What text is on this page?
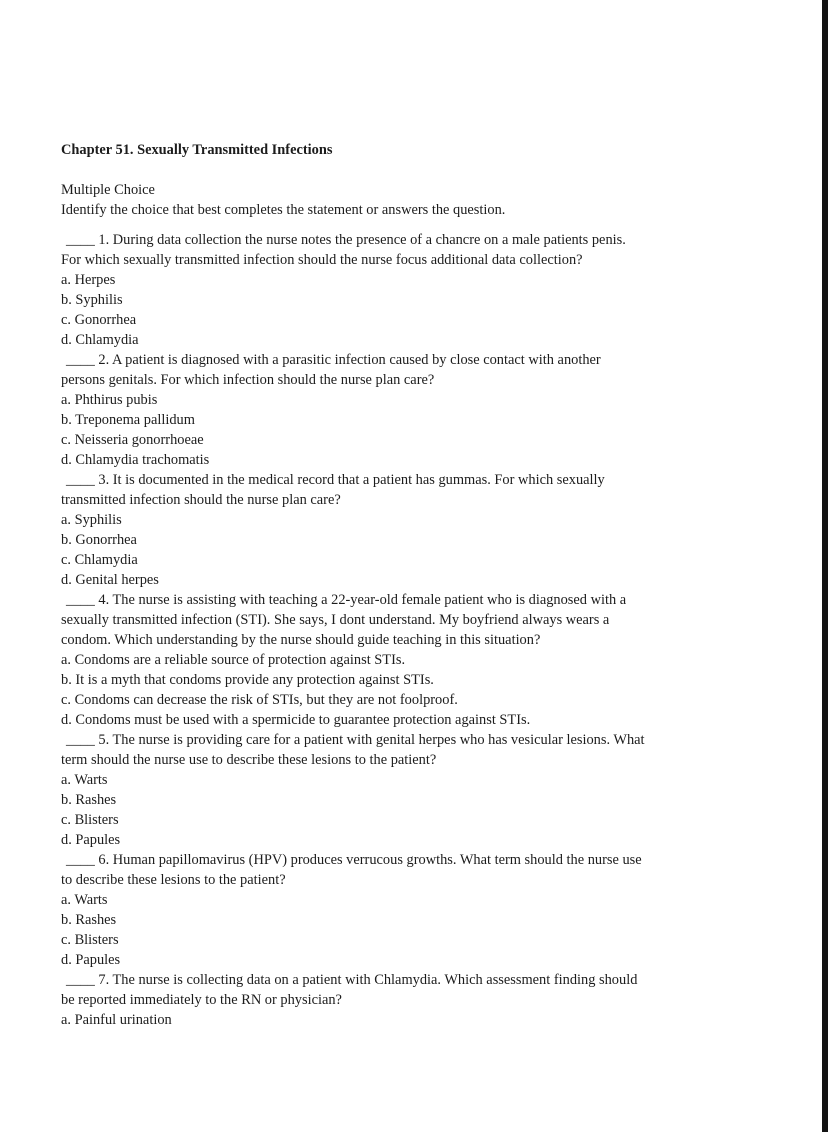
Chapter 51. Sexually Transmitted Infections
Multiple Choice
Identify the choice that best completes the statement or answers the question.
____ 1. During data collection the nurse notes the presence of a chancre on a male patients penis.
For which sexually transmitted infection should the nurse focus additional data collection?
a. Herpes
b. Syphilis
c. Gonorrhea
d. Chlamydia
____ 2. A patient is diagnosed with a parasitic infection caused by close contact with another
persons genitals. For which infection should the nurse plan care?
a. Phthirus pubis
b. Treponema pallidum
c. Neisseria gonorrhoeae
d. Chlamydia trachomatis
____ 3. It is documented in the medical record that a patient has gummas. For which sexually
transmitted infection should the nurse plan care?
a. Syphilis
b. Gonorrhea
c. Chlamydia
d. Genital herpes
____ 4. The nurse is assisting with teaching a 22-year-old female patient who is diagnosed with a
sexually transmitted infection (STI). She says, I dont understand. My boyfriend always wears a
condom. Which understanding by the nurse should guide teaching in this situation?
a. Condoms are a reliable source of protection against STIs.
b. It is a myth that condoms provide any protection against STIs.
c. Condoms can decrease the risk of STIs, but they are not foolproof.
d. Condoms must be used with a spermicide to guarantee protection against STIs.
____ 5. The nurse is providing care for a patient with genital herpes who has vesicular lesions. What
term should the nurse use to describe these lesions to the patient?
a. Warts
b. Rashes
c. Blisters
d. Papules
____ 6. Human papillomavirus (HPV) produces verrucous growths. What term should the nurse use
to describe these lesions to the patient?
a. Warts
b. Rashes
c. Blisters
d. Papules
____ 7. The nurse is collecting data on a patient with Chlamydia. Which assessment finding should
be reported immediately to the RN or physician?
a. Painful urination
